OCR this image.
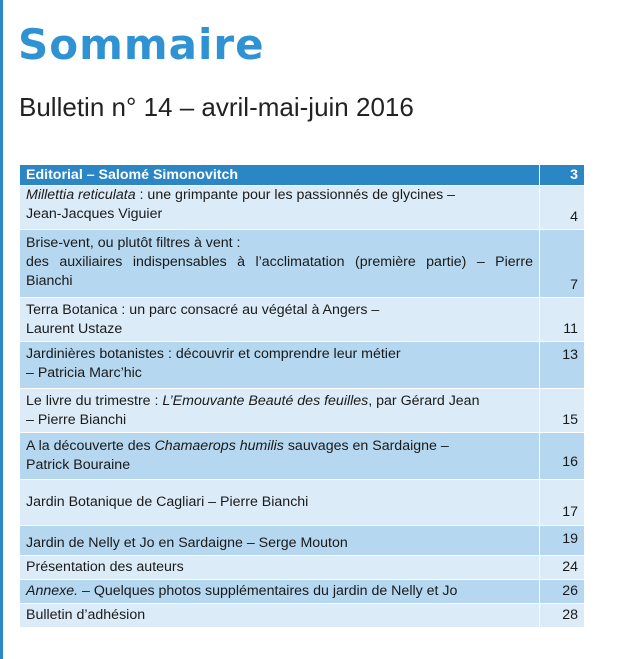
Sommaire
Bulletin n° 14 – avril-mai-juin 2016
Editorial – Salomé Simonovitch	3

Millettia reticulata : une grimpante pour les passionnés de glycines –
Jean-Jacques Viguier	4

Brise-vent, ou plutôt filtres à vent :
des auxiliaires indispensables à l’acclimatation (première partie) – Pierre
Bianchi	7

Terra Botanica : un parc consacré au végétal à Angers –
Laurent Ustaze	11

Jardinières botanistes : découvrir et comprendre leur métier
– Patricia Marc’hic	13

Le livre du trimestre : L’Emouvante Beauté des feuilles, par Gérard Jean
– Pierre Bianchi	15

A la découverte des Chamaerops humilis sauvages en Sardaigne –
Patrick Bouraine	16

Jardin Botanique de Cagliari – Pierre Bianchi	17

Jardin de Nelly et Jo en Sardaigne – Serge Mouton	19

Présentation des auteurs	24

Annexe. – Quelques photos supplémentaires du jardin de Nelly et Jo	26

Bulletin d’adhésion	28
